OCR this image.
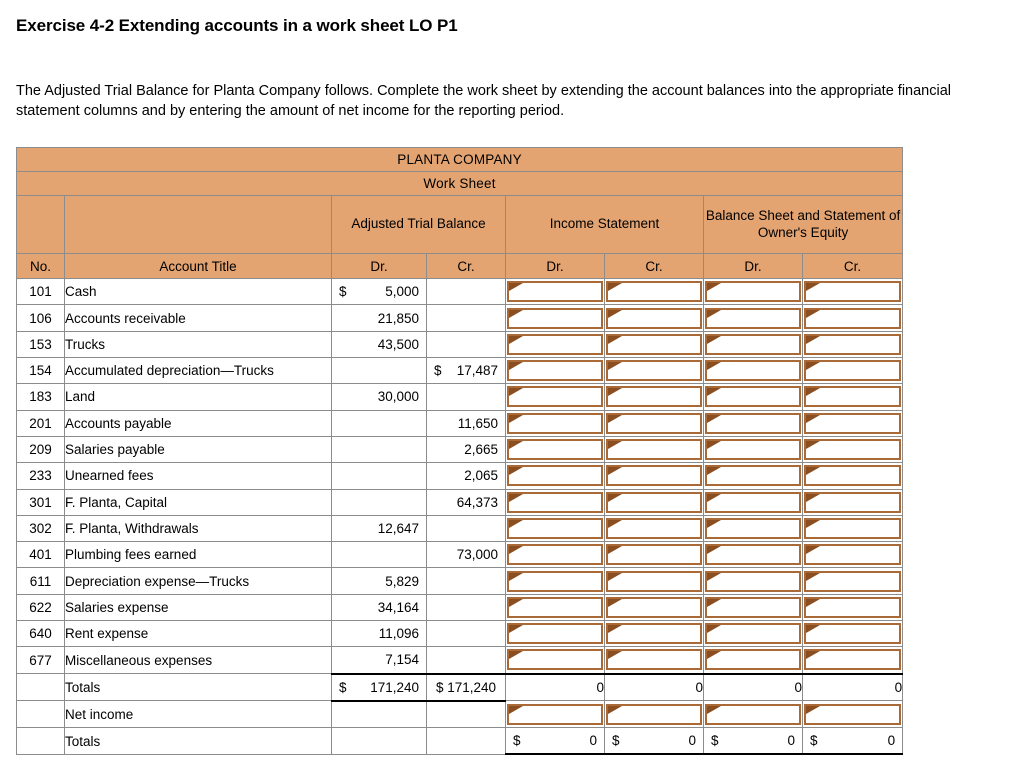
Exercise 4-2 Extending accounts in a work sheet LO P1
The Adjusted Trial Balance for Planta Company follows. Complete the work sheet by extending the account balances into the appropriate financial statement columns and by entering the amount of net income for the reporting period.
PLANTA COMPANY							
Work Sheet							
		Adjusted Trial Balance		Income Statement		Balance Sheet and Statement of Owner's Equity	
No.	Account Title	Dr.	Cr.	Dr.	Cr.	Dr.	Cr.
101	Cash	$ 5,000					

106	Accounts receivable	21,850					

153	Trucks	43,500					

154	Accumulated depreciation—Trucks		$ 17,487				

183	Land	30,000					

201	Accounts payable		11,650				

209	Salaries payable		2,665				

233	Unearned fees		2,065				

301	F. Planta, Capital		64,373				

302	F. Planta, Withdrawals	12,647					

401	Plumbing fees earned		73,000				

611	Depreciation expense—Trucks	5,829					

622	Salaries expense	34,164					

640	Rent expense	11,096					

677	Miscellaneous expenses	7,154					

	Totals	$ 171,240	$ 171,240	0	0	0	0
	Net income			

	Totals			$ 0	$ 0	$ 0	$ 0
